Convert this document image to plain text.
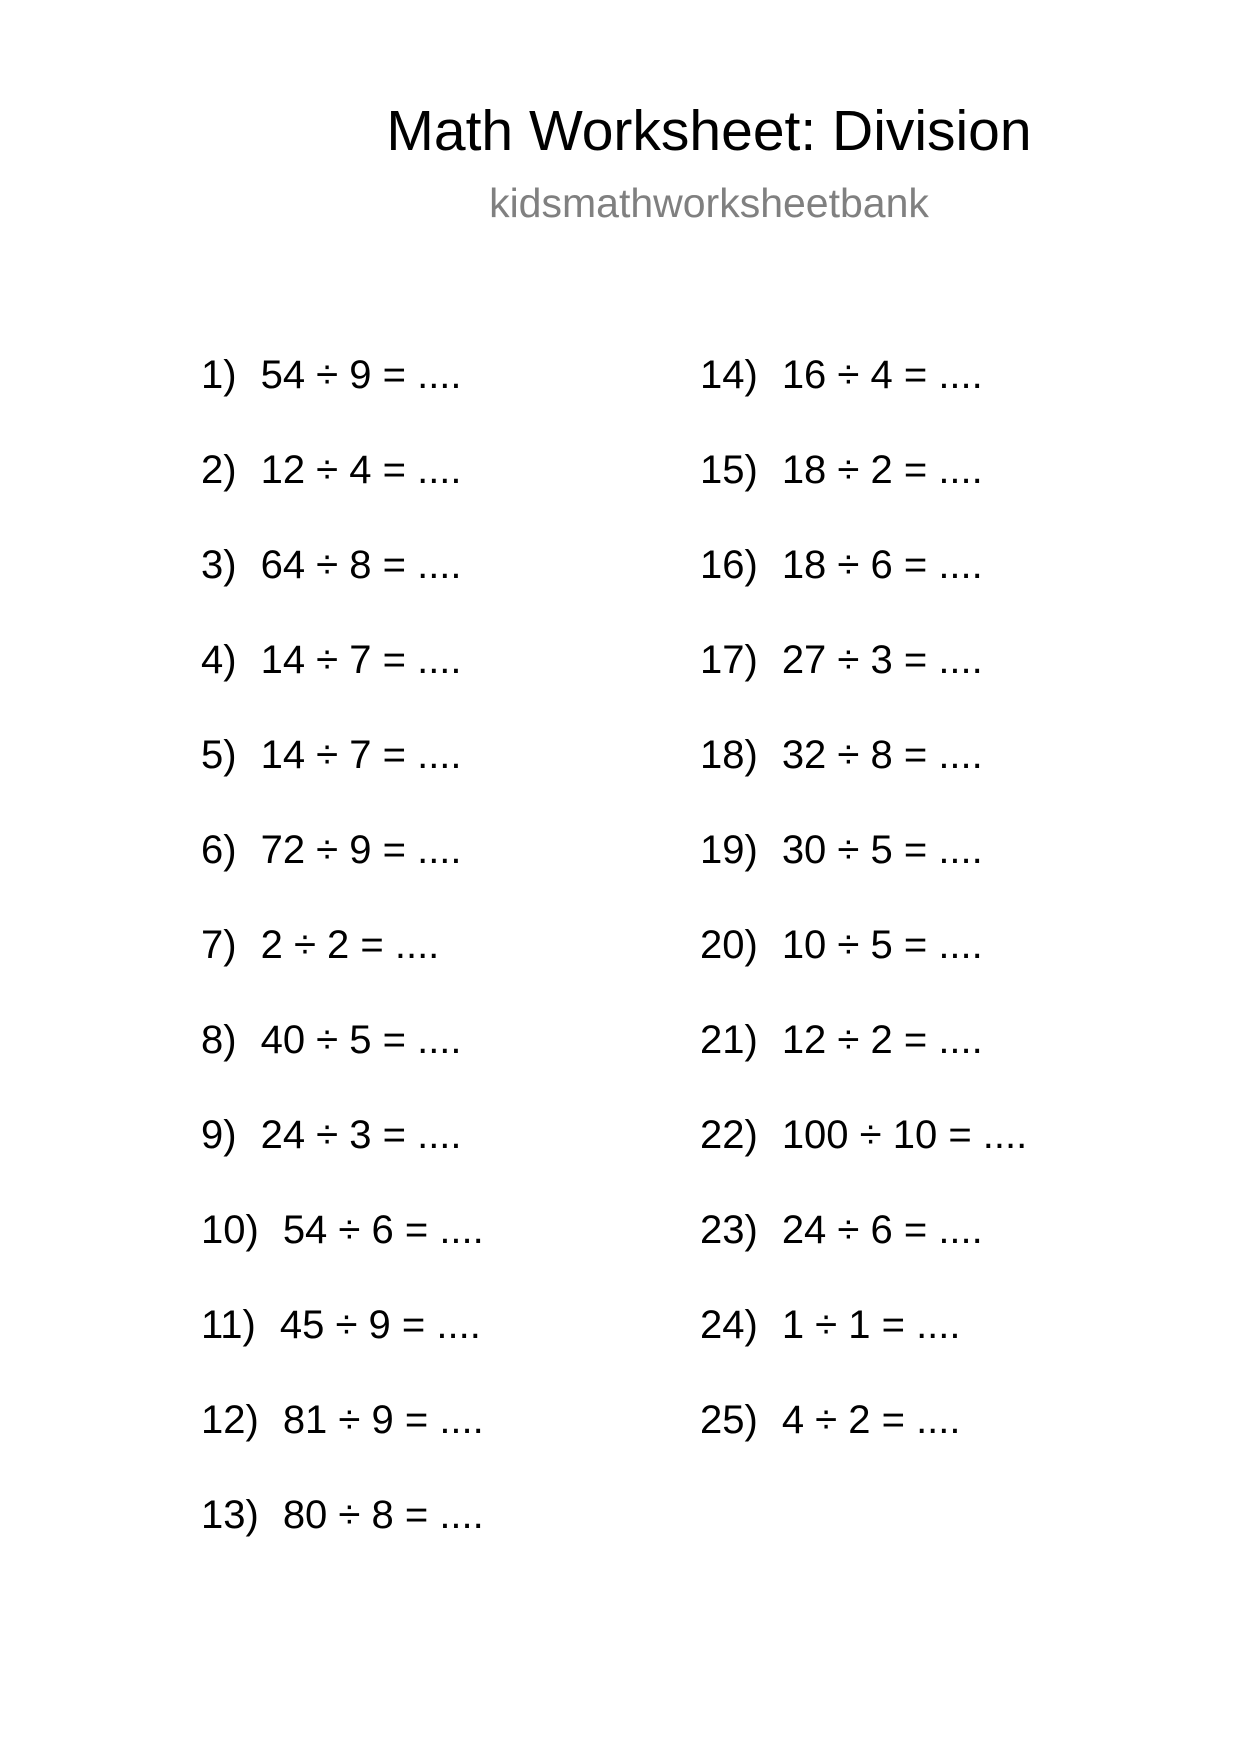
Math Worksheet: Division
kidsmathworksheetbank
1) 54 ÷ 9 = ....
2) 12 ÷ 4 = ....
3) 64 ÷ 8 = ....
4) 14 ÷ 7 = ....
5) 14 ÷ 7 = ....
6) 72 ÷ 9 = ....
7) 2 ÷ 2 = ....
8) 40 ÷ 5 = ....
9) 24 ÷ 3 = ....
10) 54 ÷ 6 = ....
11) 45 ÷ 9 = ....
12) 81 ÷ 9 = ....
13) 80 ÷ 8 = ....
14) 16 ÷ 4 = ....
15) 18 ÷ 2 = ....
16) 18 ÷ 6 = ....
17) 27 ÷ 3 = ....
18) 32 ÷ 8 = ....
19) 30 ÷ 5 = ....
20) 10 ÷ 5 = ....
21) 12 ÷ 2 = ....
22) 100 ÷ 10 = ....
23) 24 ÷ 6 = ....
24) 1 ÷ 1 = ....
25) 4 ÷ 2 = ....
